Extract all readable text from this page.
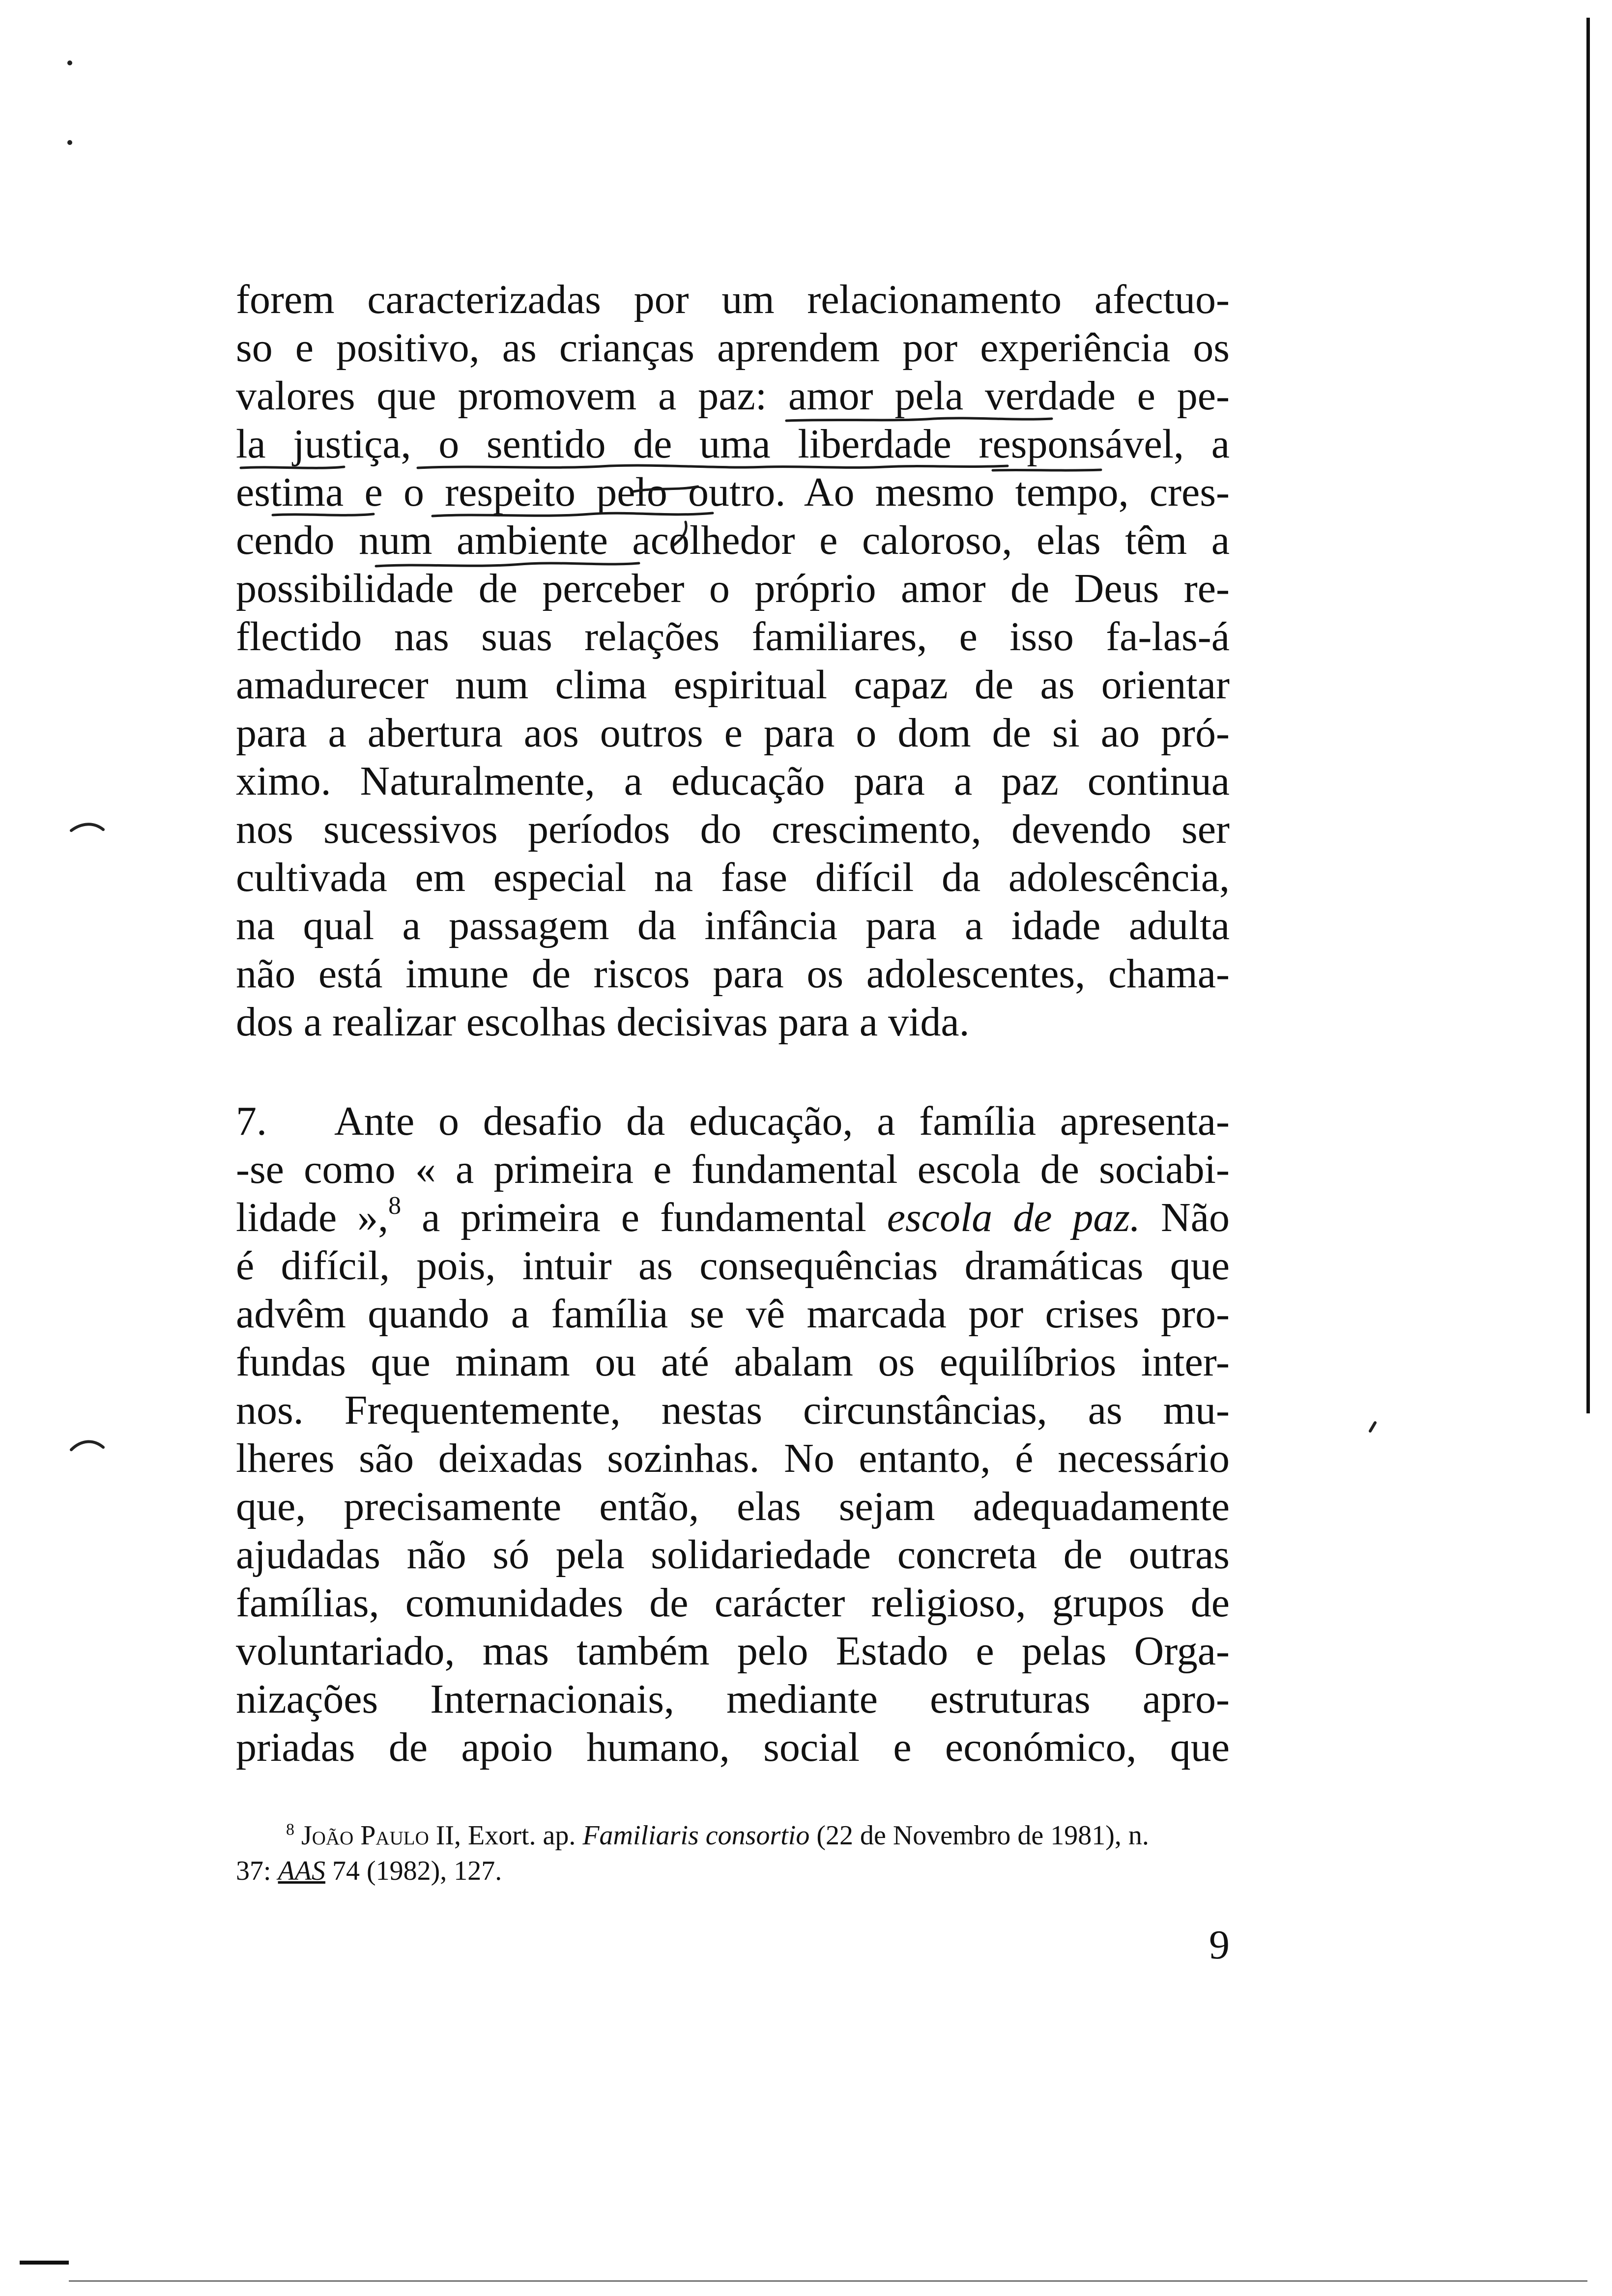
forem caracterizadas por um relacionamento afectuo-
so e positivo, as crianças aprendem por experiência os
valores que promovem a paz: amor pela verdade e pe-
la justiça, o sentido de uma liberdade responsável, a
estima e o respeito pelo outro. Ao mesmo tempo, cres-
cendo num ambiente acolhedor e caloroso, elas têm a
possibilidade de perceber o próprio amor de Deus re-
flectido nas suas relações familiares, e isso fa-las-á
amadurecer num clima espiritual capaz de as orientar
para a abertura aos outros e para o dom de si ao pró-
ximo. Naturalmente, a educação para a paz continua
nos sucessivos períodos do crescimento, devendo ser
cultivada em especial na fase difícil da adolescência,
na qual a passagem da infância para a idade adulta
não está imune de riscos para os adolescentes, chama-
dos a realizar escolhas decisivas para a vida.
7. Ante o desafio da educação, a família apresenta-
-se como « a primeira e fundamental escola de sociabi-
lidade »,$^8$ a primeira e fundamental escola de paz. Não
é difícil, pois, intuir as consequências dramáticas que
advêm quando a família se vê marcada por crises pro-
fundas que minam ou até abalam os equilíbrios inter-
nos. Frequentemente, nestas circunstâncias, as mu-
lheres são deixadas sozinhas. No entanto, é necessário
que, precisamente então, elas sejam adequadamente
ajudadas não só pela solidariedade concreta de outras
famílias, comunidades de carácter religioso, grupos de
voluntariado, mas também pelo Estado e pelas Orga-
nizações Internacionais, mediante estruturas apro-
priadas de apoio humano, social e económico, que
$^8$ João Paulo II, Exort. ap. Familiaris consortio (22 de Novembro de 1981), n.
37: AAS 74 (1982), 127.
9
